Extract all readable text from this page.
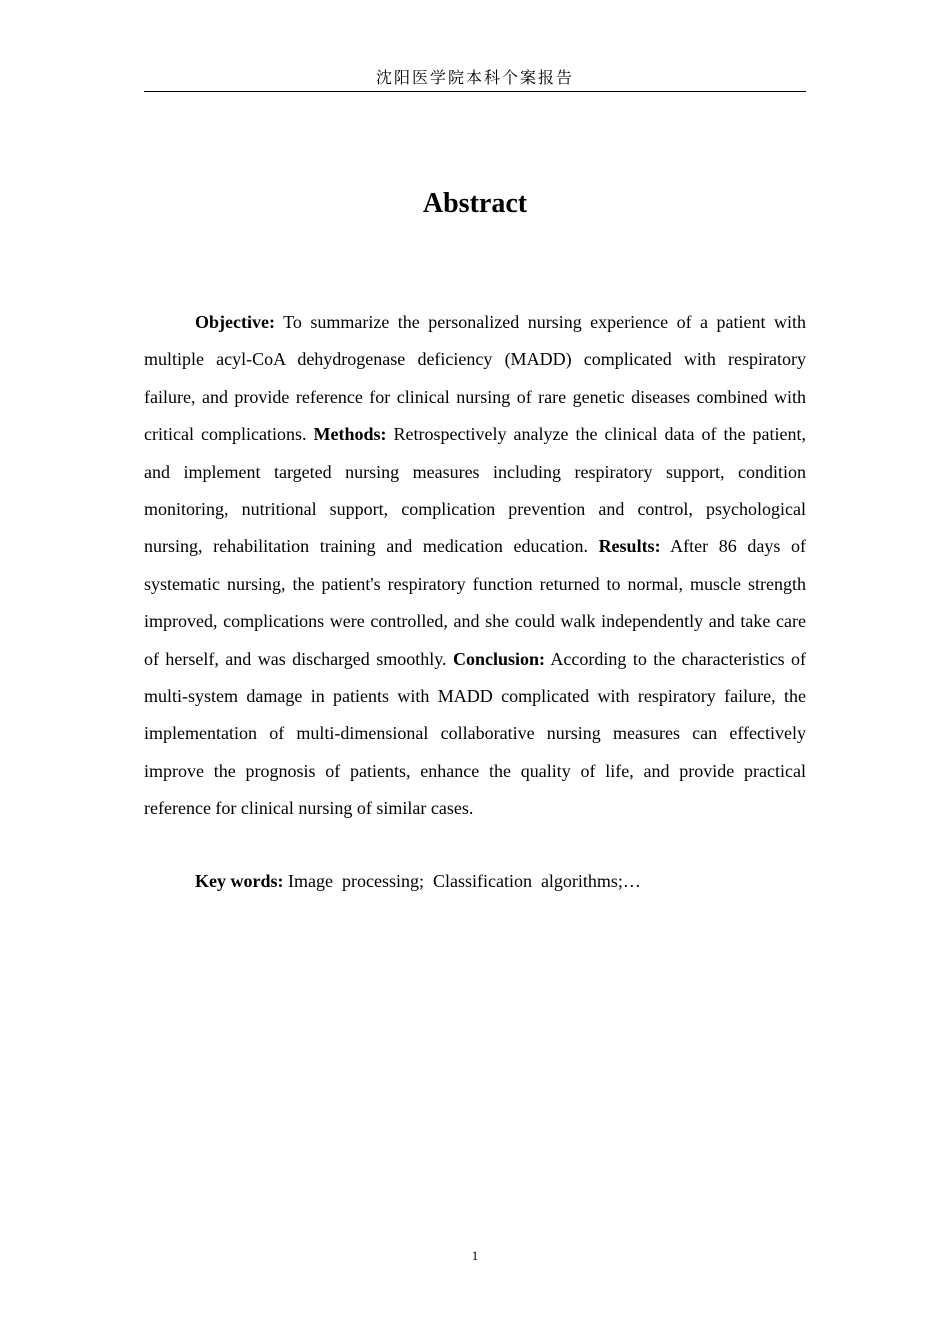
沈阳医学院本科个案报告
Abstract

Objective: To summarize the personalized nursing experience of a patient with multiple acyl-CoA dehydrogenase deficiency (MADD) complicated with respiratory failure, and provide reference for clinical nursing of rare genetic diseases combined with critical complications. Methods: Retrospectively analyze the clinical data of the patient, and implement targeted nursing measures including respiratory support, condition monitoring, nutritional support, complication prevention and control, psychological nursing, rehabilitation training and medication education. Results: After 86 days of systematic nursing, the patient's respiratory function returned to normal, muscle strength improved, complications were controlled, and she could walk independently and take care of herself, and was discharged smoothly. Conclusion: According to the characteristics of multi-system damage in patients with MADD complicated with respiratory failure, the implementation of multi-dimensional collaborative nursing measures can effectively improve the prognosis of patients, enhance the quality of life, and provide practical reference for clinical nursing of similar cases.

Key words: Image  processing;  Classification  algorithms;…

1
